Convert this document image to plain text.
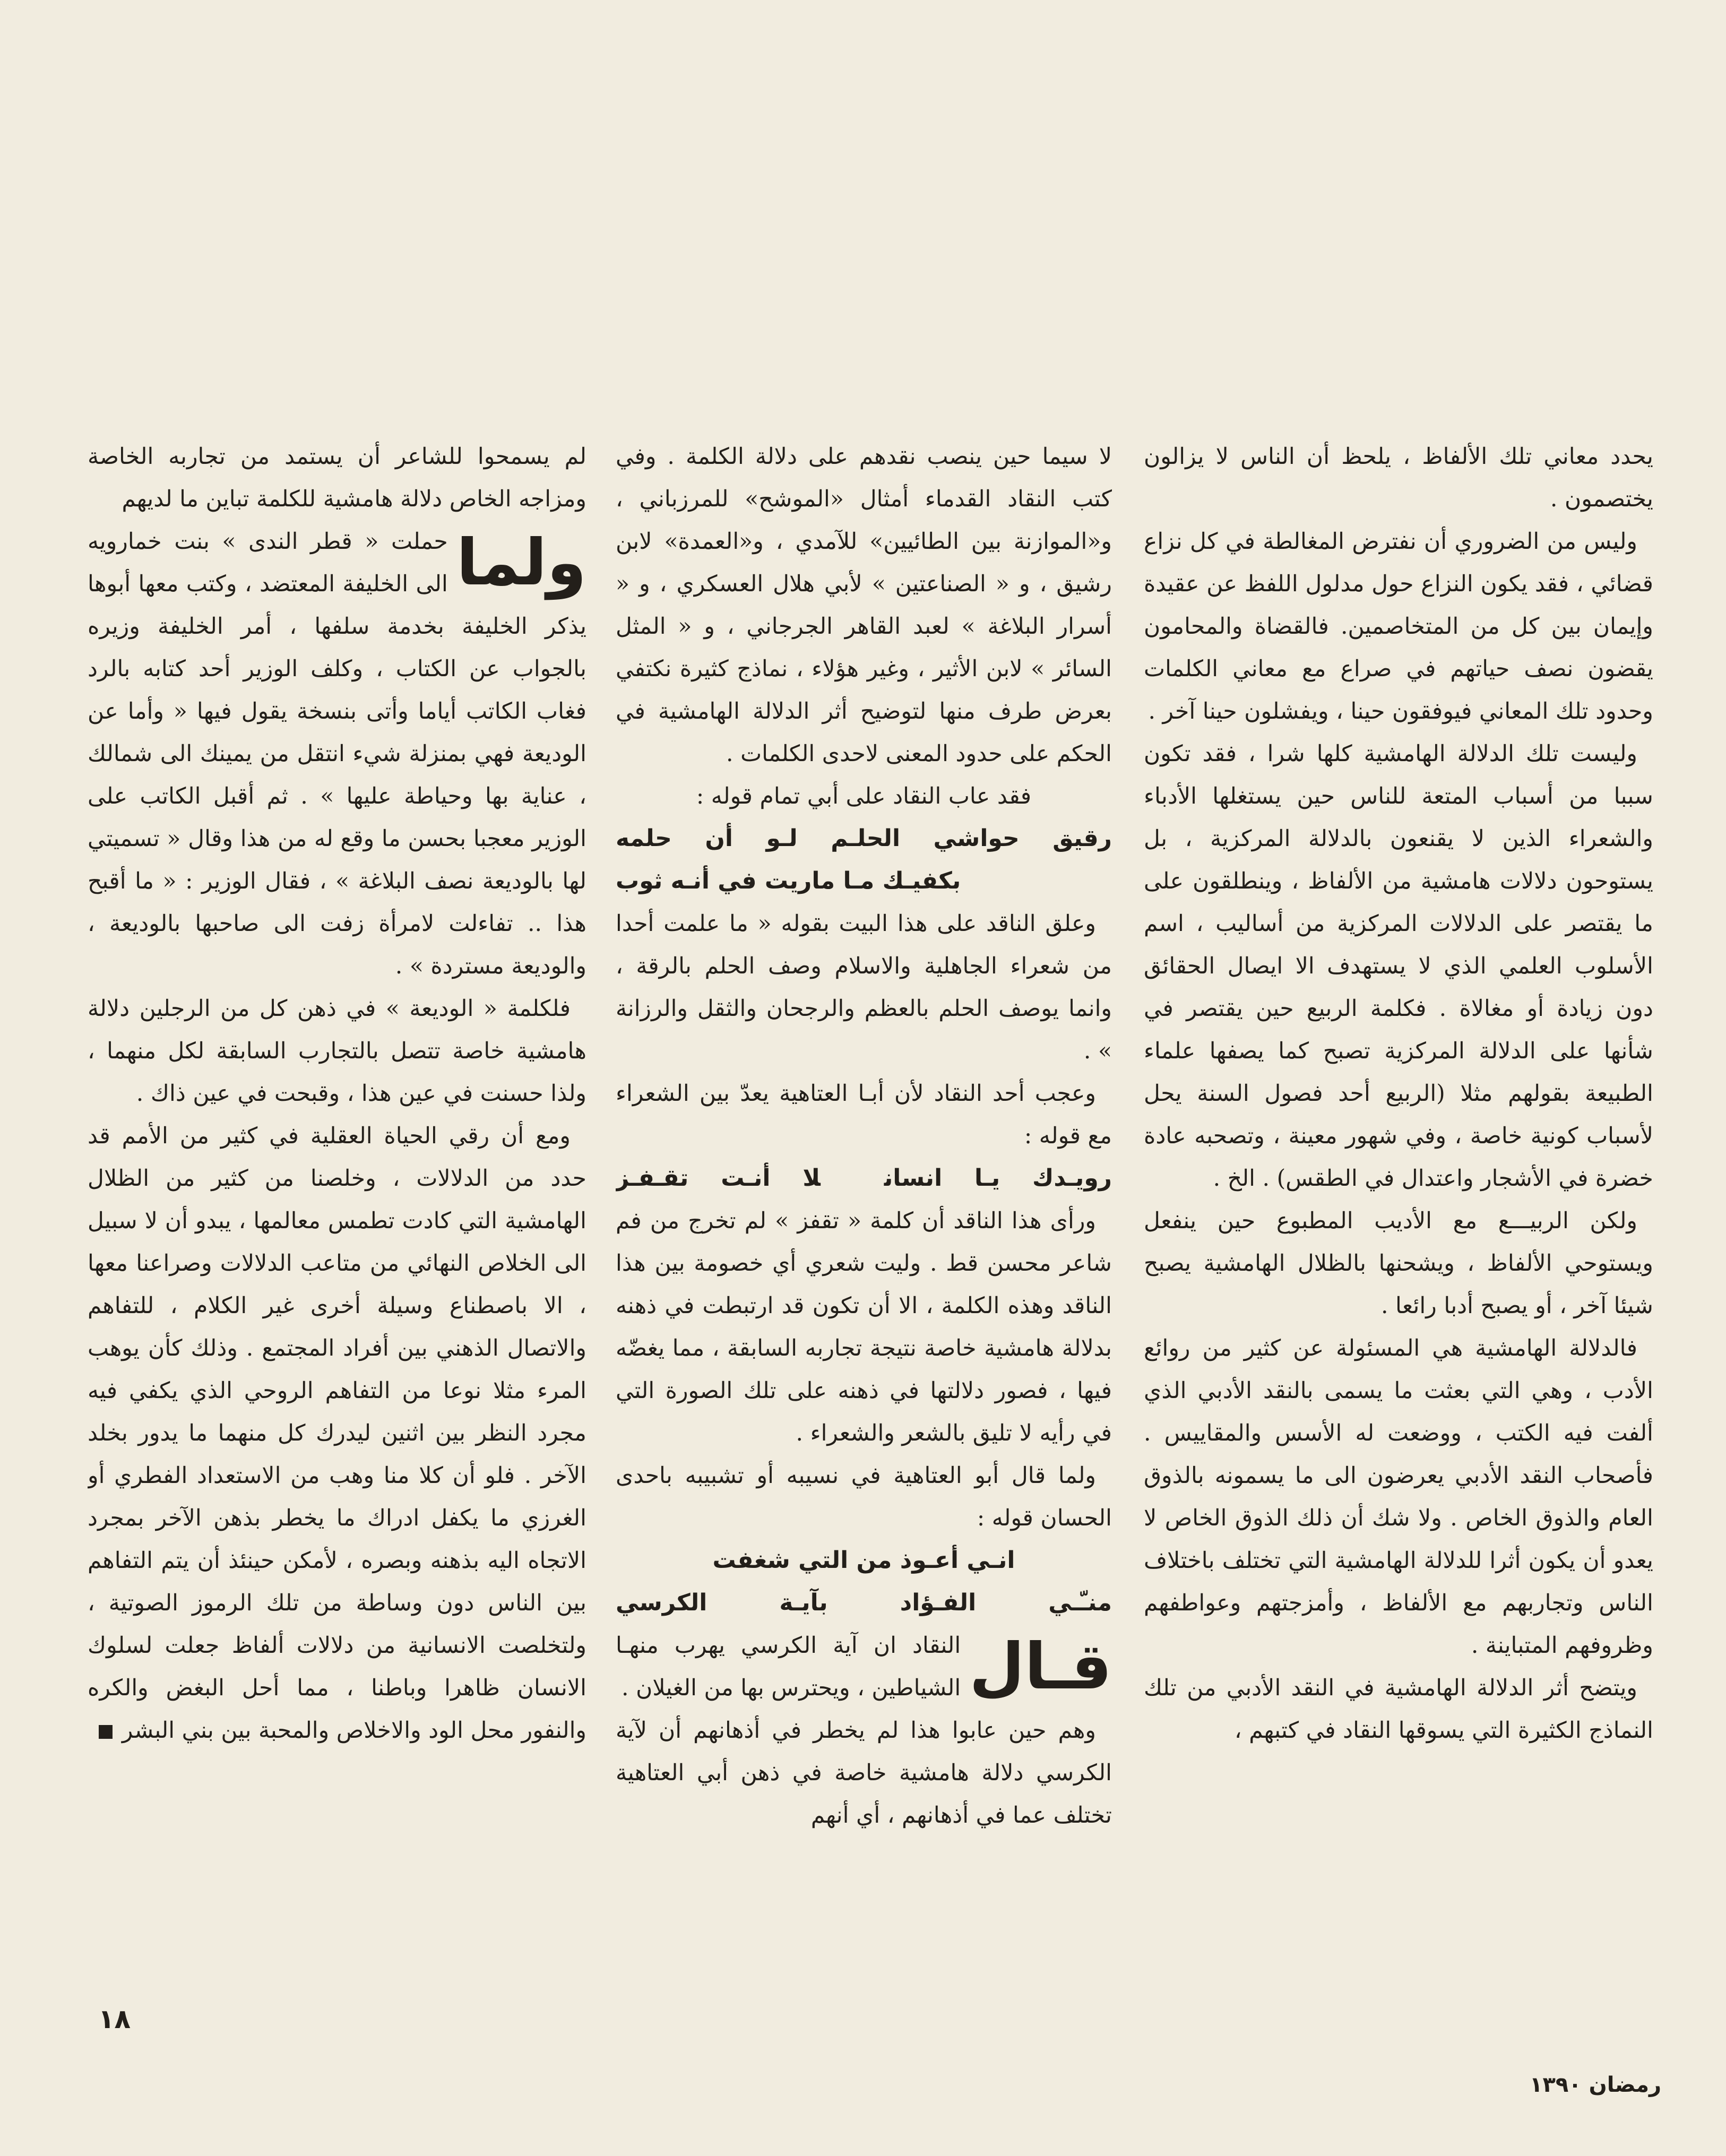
يحدد معاني تلك الألفاظ ، يلحظ أن الناس لا يزالون يختصمون .

وليس من الضروري أن نفترض المغالطة في كل نزاع قضائي ، فقد يكون النزاع حول مدلول اللفظ عن عقيدة وإيمان بين كل من المتخاصمين. فالقضاة والمحامون يقضون نصف حياتهم في صراع مع معاني الكلمات وحدود تلك المعاني فيوفقون حينا ، ويفشلون حينا آخر .

وليست تلك الدلالة الهامشية كلها شرا ، فقد تكون سببا من أسباب المتعة للناس حين يستغلها الأدباء والشعراء الذين لا يقنعون بالدلالة المركزية ، بل يستوحون دلالات هامشية من الألفاظ ، وينطلقون على ما يقتصر على الدلالات المركزية من أساليب ، اسم الأسلوب العلمي الذي لا يستهدف الا ايصال الحقائق دون زيادة أو مغالاة . فكلمة الربيع حين يقتصر في شأنها على الدلالة المركزية تصبح كما يصفها علماء الطبيعة بقولهم مثلا (الربيع أحد فصول السنة يحل لأسباب كونية خاصة ، وفي شهور معينة ، وتصحبه عادة خضرة في الأشجار واعتدال في الطقس) . الخ .

ولكن الربيـــع مع الأديب المطبوع حين ينفعل ويستوحي الألفاظ ، ويشحنها بالظلال الهامشية يصبح شيئا آخر ، أو يصبح أدبا رائعا .

فالدلالة الهامشية هي المسئولة عن كثير من روائع الأدب ، وهي التي بعثت ما يسمى بالنقد الأدبي الذي ألفت فيه الكتب ، ووضعت له الأسس والمقاييس . فأصحاب النقد الأدبي يعرضون الى ما يسمونه بالذوق العام والذوق الخاص . ولا شك أن ذلك الذوق الخاص لا يعدو أن يكون أثرا للدلالة الهامشية التي تختلف باختلاف الناس وتجاربهم مع الألفاظ ، وأمزجتهم وعواطفهم وظروفهم المتباينة .

ويتضح أثر الدلالة الهامشية في النقد الأدبي من تلك النماذج الكثيرة التي يسوقها النقاد في كتبهم ،

لا سيما حين ينصب نقدهم على دلالة الكلمة . وفي كتب النقاد القدماء أمثال «الموشح» للمرزباني ، و«الموازنة بين الطائيين» للآمدي ، و«العمدة» لابن رشيق ، و « الصناعتين » لأبي هلال العسكري ، و « أسرار البلاغة » لعبد القاهر الجرجاني ، و « المثل السائر » لابن الأثير ، وغير هؤلاء ، نماذج كثيرة نكتفي بعرض طرف منها لتوضيح أثر الدلالة الهامشية في الحكم على حدود المعنى لاحدى الكلمات .

فقد عاب النقاد على أبي تمام قوله :

رقيق حواشي الحلـم لـو أن حلمه

بكفيـك مـا ماريت في أنـه ثوب

وعلق الناقد على هذا البيت بقوله « ما علمت أحدا من شعراء الجاهلية والاسلام وصف الحلم بالرقة ، وانما يوصف الحلم بالعظم والرجحان والثقل والرزانة » .

وعجب أحد النقاد لأن أبـا العتاهية يعدّ بين الشعراء مع قوله :

رويـدك يـا انسانلا أنـت تقـفـز

ورأى هذا الناقد أن كلمة « تقفز » لم تخرج من فم شاعر محسن قط . وليت شعري أي خصومة بين هذا الناقد وهذه الكلمة ، الا أن تكون قد ارتبطت في ذهنه بدلالة هامشية خاصة نتيجة تجاربه السابقة ، مما يغضّه فيها ، فصور دلالتها في ذهنه على تلك الصورة التي في رأيه لا تليق بالشعر والشعراء .

ولما قال أبو العتاهية في نسيبه أو تشبيبه باحدى الحسان قوله :

انـي أعـوذ من التي شغفت

منـّـي الفـؤاد بآيـة الكرسي

قـال
النقاد ان آية الكرسي يهرب منهـا الشياطين ، ويحترس بها من الغيلان .

وهم حين عابوا هذا لم يخطر في أذهانهم أن لآية الكرسي دلالة هامشية خاصة في ذهن أبي العتاهية تختلف عما في أذهانهم ، أي أنهم

لم يسمحوا للشاعر أن يستمد من تجاربه الخاصة ومزاجه الخاص دلالة هامشية للكلمة تباين ما لديهم

ولما
حملت « قطر الندى » بنت خمارويه الى الخليفة المعتضد ، وكتب معها أبوها يذكر الخليفة بخدمة سلفها ، أمر الخليفة وزيره بالجواب عن الكتاب ، وكلف الوزير أحد كتابه بالرد فغاب الكاتب أياما وأتى بنسخة يقول فيها « وأما عن الوديعة فهي بمنزلة شيء انتقل من يمينك الى شمالك ، عناية بها وحياطة عليها » . ثم أقبل الكاتب على الوزير معجبا بحسن ما وقع له من هذا وقال « تسميتي لها بالوديعة نصف البلاغة » ، فقال الوزير : « ما أقبح هذا .. تفاءلت لامرأة زفت الى صاحبها بالوديعة ، والوديعة مستردة » .

فلكلمة « الوديعة » في ذهن كل من الرجلين دلالة هامشية خاصة تتصل بالتجارب السابقة لكل منهما ، ولذا حسنت في عين هذا ، وقبحت في عين ذاك .

ومع أن رقي الحياة العقلية في كثير من الأمم قد حدد من الدلالات ، وخلصنا من كثير من الظلال الهامشية التي كادت تطمس معالمها ، يبدو أن لا سبيل الى الخلاص النهائي من متاعب الدلالات وصراعنا معها ، الا باصطناع وسيلة أخرى غير الكلام ، للتفاهم والاتصال الذهني بين أفراد المجتمع . وذلك كأن يوهب المرء مثلا نوعا من التفاهم الروحي الذي يكفي فيه مجرد النظر بين اثنين ليدرك كل منهما ما يدور بخلد الآخر . فلو أن كلا منا وهب من الاستعداد الفطري أو الغرزي ما يكفل ادراك ما يخطر بذهن الآخر بمجرد الاتجاه اليه بذهنه وبصره ، لأمكن حينئذ أن يتم التفاهم بين الناس دون وساطة من تلك الرموز الصوتية ، ولتخلصت الانسانية من دلالات ألفاظ جعلت لسلوك الانسان ظاهرا وباطنا ، مما أحل البغض والكره والنفور محل الود والاخلاص والمحبة بين بني البشر

١٨
رمضان ١٣٩٠
